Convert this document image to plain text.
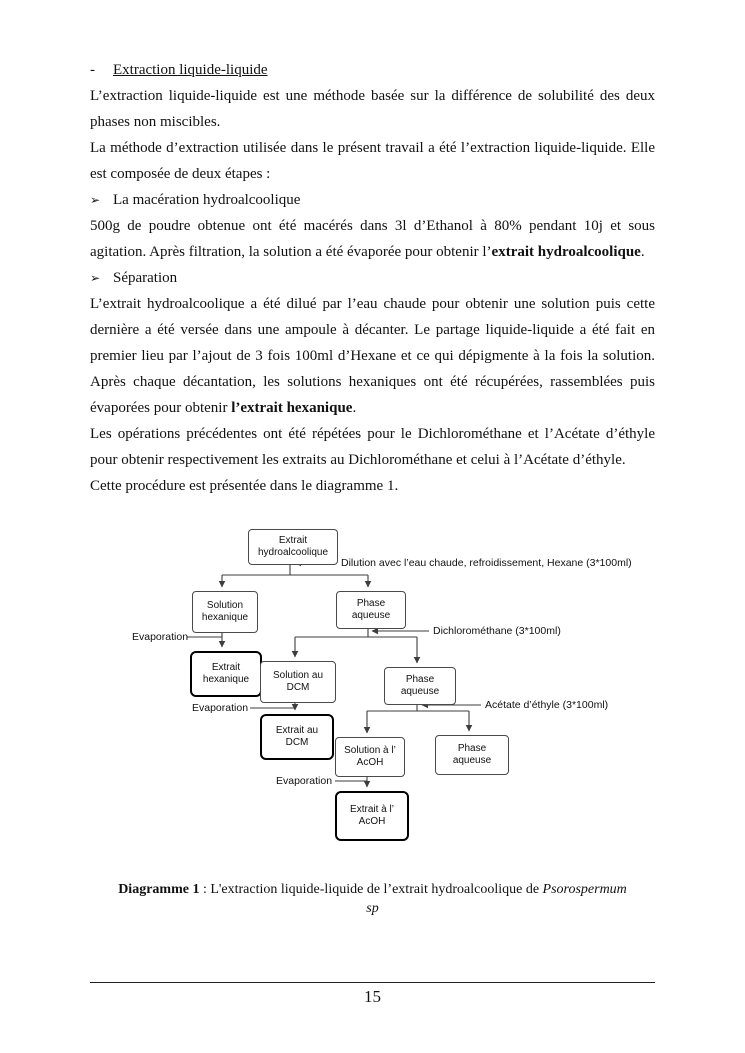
- Extraction liquide-liquide

L’extraction liquide-liquide est une méthode basée sur la différence de solubilité des deux phases non miscibles.

La méthode d’extraction utilisée dans le présent travail a été l’extraction liquide-liquide. Elle est composée de deux étapes :

➢ La macération hydroalcoolique

500g de poudre obtenue ont été macérés dans 3l d’Ethanol à 80% pendant 10j et sous agitation. Après filtration, la solution a été évaporée pour obtenir l’extrait hydroalcoolique.

➢ Séparation

L’extrait hydroalcoolique a été dilué par l’eau chaude pour obtenir une solution puis cette dernière a été versée dans une ampoule à décanter. Le partage liquide-liquide a été fait en premier lieu par l’ajout de 3 fois 100ml d’Hexane et ce qui dépigmente à la fois la solution. Après chaque décantation, les solutions hexaniques ont été récupérées, rassemblées puis évaporées pour obtenir l’extrait hexanique.

Les opérations précédentes ont été répétées pour le Dichlorométhane et l’Acétate d’éthyle pour obtenir respectivement les extraits au Dichlorométhane et celui à l’Acétate d’éthyle.

Cette procédure est présentée dans le diagramme 1.

Extrait hydroalcoolique
Solution hexanique
Phase aqueuse
Extrait hexanique	Solution au DCM
Phase aqueuse
Extrait au DCM
Solution à l’ AcOH
Phase aqueuse
Extrait à l’ AcOH
Dilution avec l’eau chaude, refroidissement, Hexane (3*100ml)
Dichlorométhane (3*100ml)
Acétate d’éthyle (3*100ml)
Evaporation
Evaporation
Evaporation
Diagramme 1 : L'extraction liquide-liquide de l’extrait hydroalcoolique de Psorospermum
sp
15
